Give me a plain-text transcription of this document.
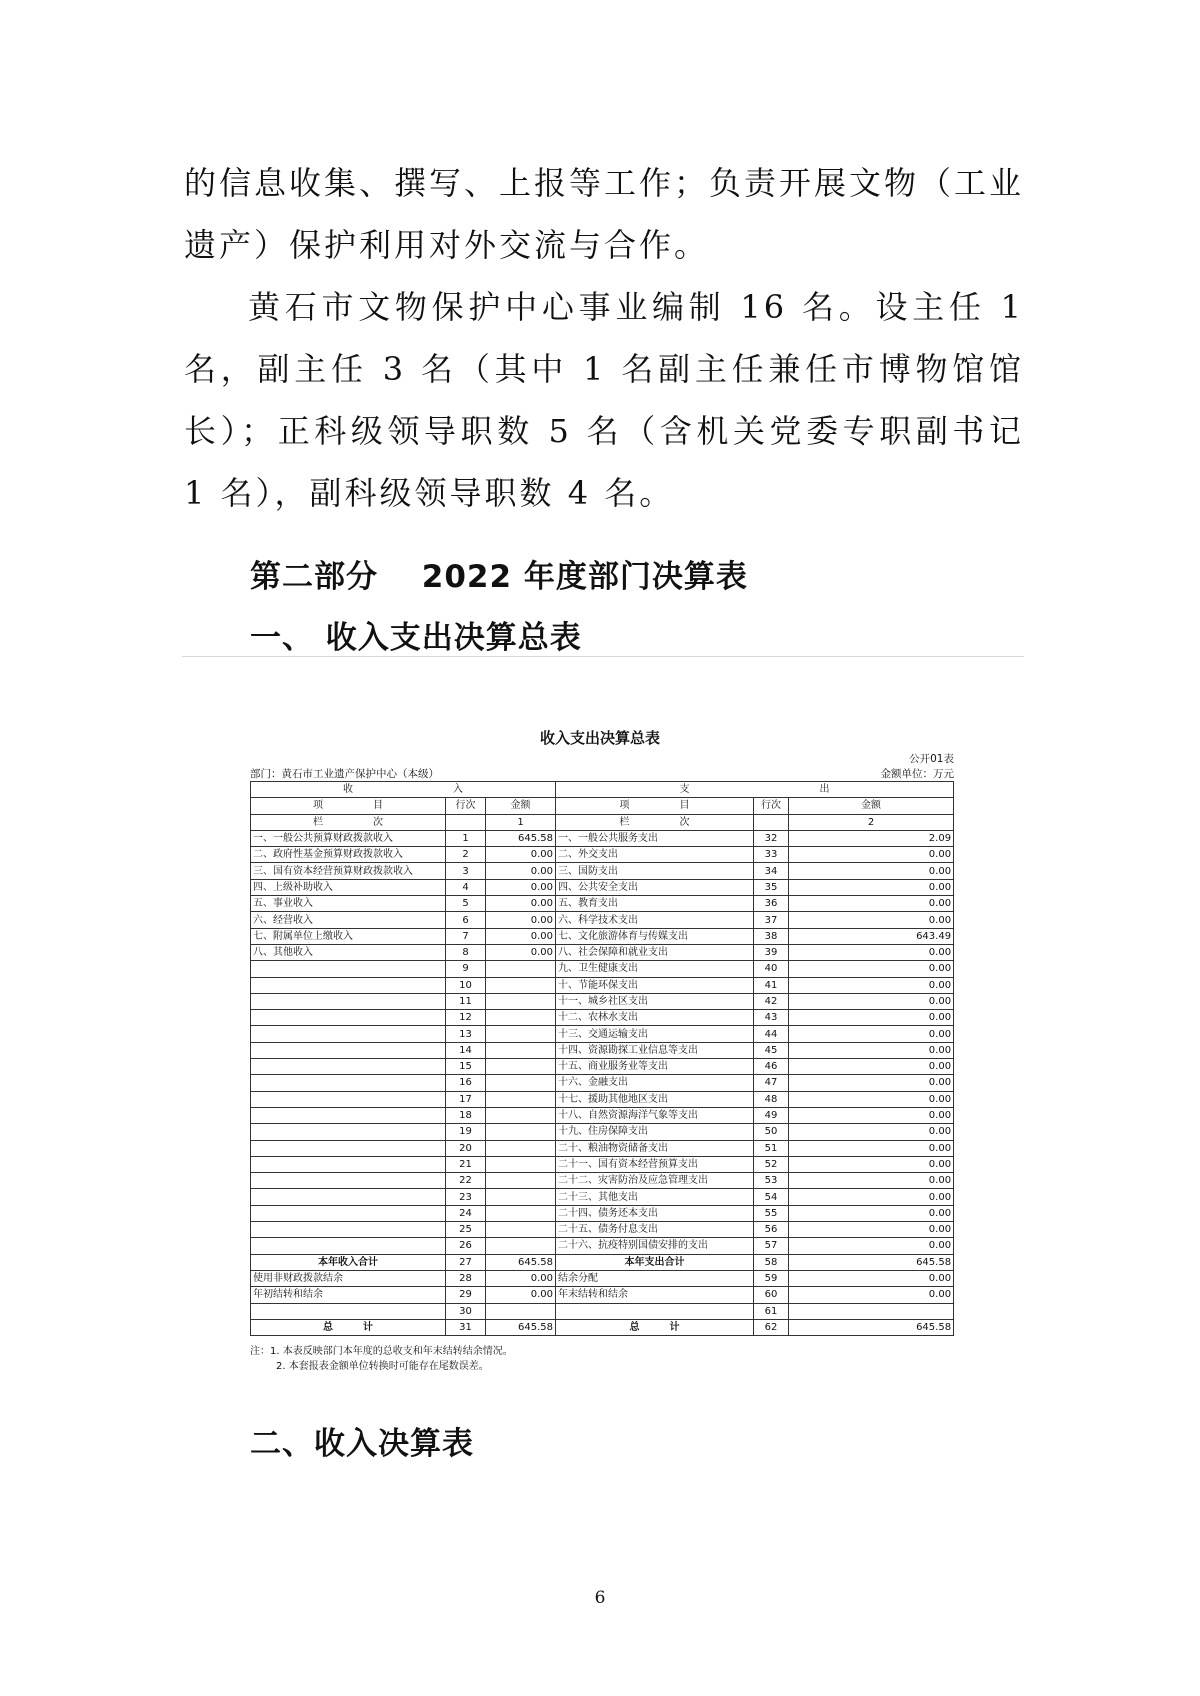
的信息收集、撰写、上报等工作；负责开展文物（工业遗产）保护利用对外交流与合作。

黄石市文物保护中心事业编制 16 名。设主任 1 名，副主任 3 名（其中 1 名副主任兼任市博物馆馆长）；正科级领导职数 5 名（含机关党委专职副书记 1 名），副科级领导职数 4 名。

第二部分　 2022 年度部门决算表
一、 收入支出决算总表
收入支出决算总表
公开01表
部门：黄石市工业遗产保护中心（本级）	金额单位：万元
收　　　　　　　　　　入			支　　　　　　　　　　　　　出		
项　　　　　目	行次	金额	项　　　　　目	行次	金额
栏　　　　　次		1	栏　　　　　次		2
一、一般公共预算财政拨款收入	1	645.58	一、一般公共服务支出	32	2.09
二、政府性基金预算财政拨款收入	2	0.00	二、外交支出	33	0.00
三、国有资本经营预算财政拨款收入	3	0.00	三、国防支出	34	0.00
四、上级补助收入	4	0.00	四、公共安全支出	35	0.00
五、事业收入	5	0.00	五、教育支出	36	0.00
六、经营收入	6	0.00	六、科学技术支出	37	0.00
七、附属单位上缴收入	7	0.00	七、文化旅游体育与传媒支出	38	643.49
八、其他收入	8	0.00	八、社会保障和就业支出	39	0.00
	9		九、卫生健康支出	40	0.00
	10		十、节能环保支出	41	0.00
	11		十一、城乡社区支出	42	0.00
	12		十二、农林水支出	43	0.00
	13		十三、交通运输支出	44	0.00
	14		十四、资源勘探工业信息等支出	45	0.00
	15		十五、商业服务业等支出	46	0.00
	16		十六、金融支出	47	0.00
	17		十七、援助其他地区支出	48	0.00
	18		十八、自然资源海洋气象等支出	49	0.00
	19		十九、住房保障支出	50	0.00
	20		二十、粮油物资储备支出	51	0.00
	21		二十一、国有资本经营预算支出	52	0.00
	22		二十二、灾害防治及应急管理支出	53	0.00
	23		二十三、其他支出	54	0.00
	24		二十四、债务还本支出	55	0.00
	25		二十五、债务付息支出	56	0.00
	26		二十六、抗疫特别国债安排的支出	57	0.00
本年收入合计	27	645.58	本年支出合计	58	645.58
使用非财政拨款结余	28	0.00	结余分配	59	0.00
年初结转和结余	29	0.00	年末结转和结余	60	0.00
	30			61	
总　　　计	31	645.58	总　　　计	62	645.58
注：1. 本表反映部门本年度的总收支和年末结转结余情况。
2. 本套报表金额单位转换时可能存在尾数误差。
二、收入决算表
6
